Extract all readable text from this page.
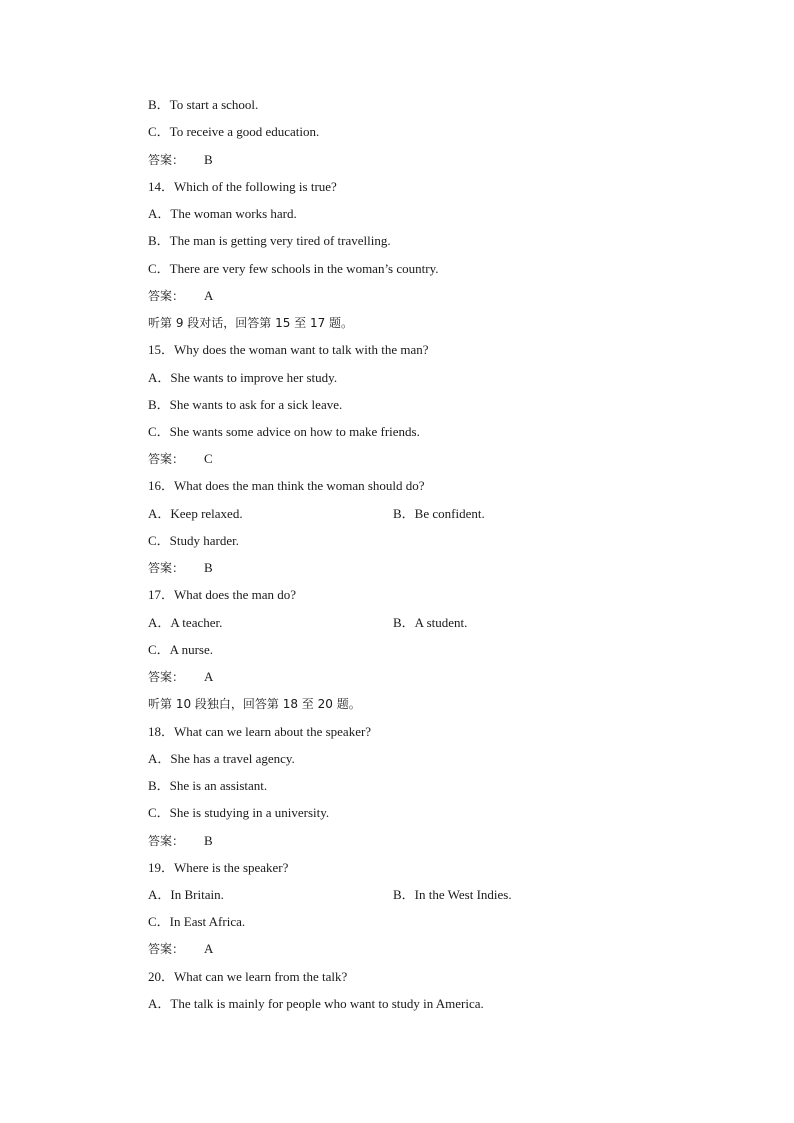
B．To start a school.
C．To receive a good education.
答案： B
14．Which of the following is true?
A．The woman works hard.
B．The man is getting very tired of travelling.
C．There are very few schools in the woman’s country.
答案： A
听第 9 段对话，回答第 15 至 17 题。
15．Why does the woman want to talk with the man?
A．She wants to improve her study.
B．She wants to ask for a sick leave.
C．She wants some advice on how to make friends.
答案： C
16．What does the man think the woman should do?
A．Keep relaxed.	B．Be confident.
C．Study harder.
答案： B
17．What does the man do?
A．A teacher.	B．A student.
C．A nurse.
答案： A
听第 10 段独白，回答第 18 至 20 题。
18．What can we learn about the speaker?
A．She has a travel agency.
B．She is an assistant.
C．She is studying in a university.
答案： B
19．Where is the speaker?
A．In Britain.	B．In the West Indies.
C．In East Africa.
答案： A
20．What can we learn from the talk?
A．The talk is mainly for people who want to study in America.
